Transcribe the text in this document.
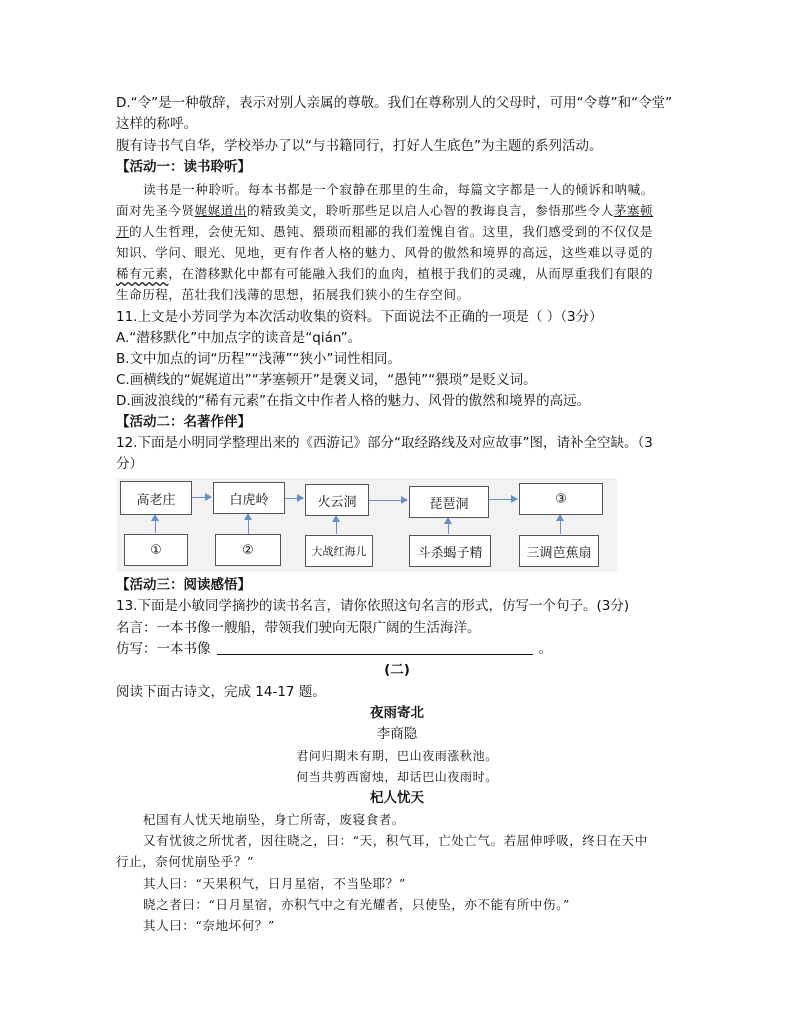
D.“令”是一种敬辞，表示对别人亲属的尊敬。我们在尊称别人的父母时，可用“令尊”和“令堂”
这样的称呼。
腹有诗书气自华，学校举办了以“与书籍同行，打好人生底色”为主题的系列活动。
【活动一：读书聆听】
读书是一种聆听。每本书都是一个寂静在那里的生命，每篇文字都是一人的倾诉和呐喊。
面对先圣今贤娓娓道出的精致美文，聆听那些足以启人心智的教诲良言，参悟那些令人茅塞顿
开的人生哲理，会使无知、愚钝、猥琐而粗鄙的我们羞愧自省。这里，我们感受到的不仅仅是
知识、学问、眼光、见地，更有作者人格的魅力、风骨的傲然和境界的高远，这些难以寻觅的
稀有元素，在潜移默化中都有可能融入我们的血肉，植根于我们的灵魂，从而厚重我们有限的
生命历程，茁壮我们浅薄的思想，拓展我们狭小的生存空间。
11.上文是小芳同学为本次活动收集的资料。下面说法不正确的一项是（ ）（3分）
A.“潜移默化”中加点字的读音是“qián”。
B.文中加点的词“历程”“浅薄”“狭小”词性相同。
C.画横线的“娓娓道出”“茅塞顿开”是褒义词，“愚钝”“猥琐”是贬义词。
D.画波浪线的“稀有元素”在指文中作者人格的魅力、风骨的傲然和境界的高远。
【活动二：名著作伴】
12.下面是小明同学整理出来的《西游记》部分“取经路线及对应故事”图，请补全空缺。（3
分）
高老庄	白虎岭	火云洞	琵琶洞	③
①	②	大战红海儿	斗杀蝎子精	三调芭蕉扇
【活动三：阅读感悟】
13.下面是小敏同学摘抄的读书名言，请你依照这句名言的形式，仿写一个句子。(3分)
名言：一本书像一艘船，带领我们驶向无限广阔的生活海洋。
仿写：一本书像	。
(二)
阅读下面古诗文，完成 14-17 题。
夜雨寄北
李商隐
君问归期未有期，巴山夜雨涨秋池。
何当共剪西窗烛，却话巴山夜雨时。
杞人忧天
杞国有人忧天地崩坠，身亡所寄，废寝食者。
又有忧彼之所忧者，因往晓之，曰：“天，积气耳，亡处亡气。若屈伸呼吸，终日在天中
行止，奈何忧崩坠乎？”
其人曰：“天果积气，日月星宿，不当坠耶？”
晓之者曰：“日月星宿，亦积气中之有光耀者，只使坠，亦不能有所中伤。”
其人曰：“奈地坏何？”
